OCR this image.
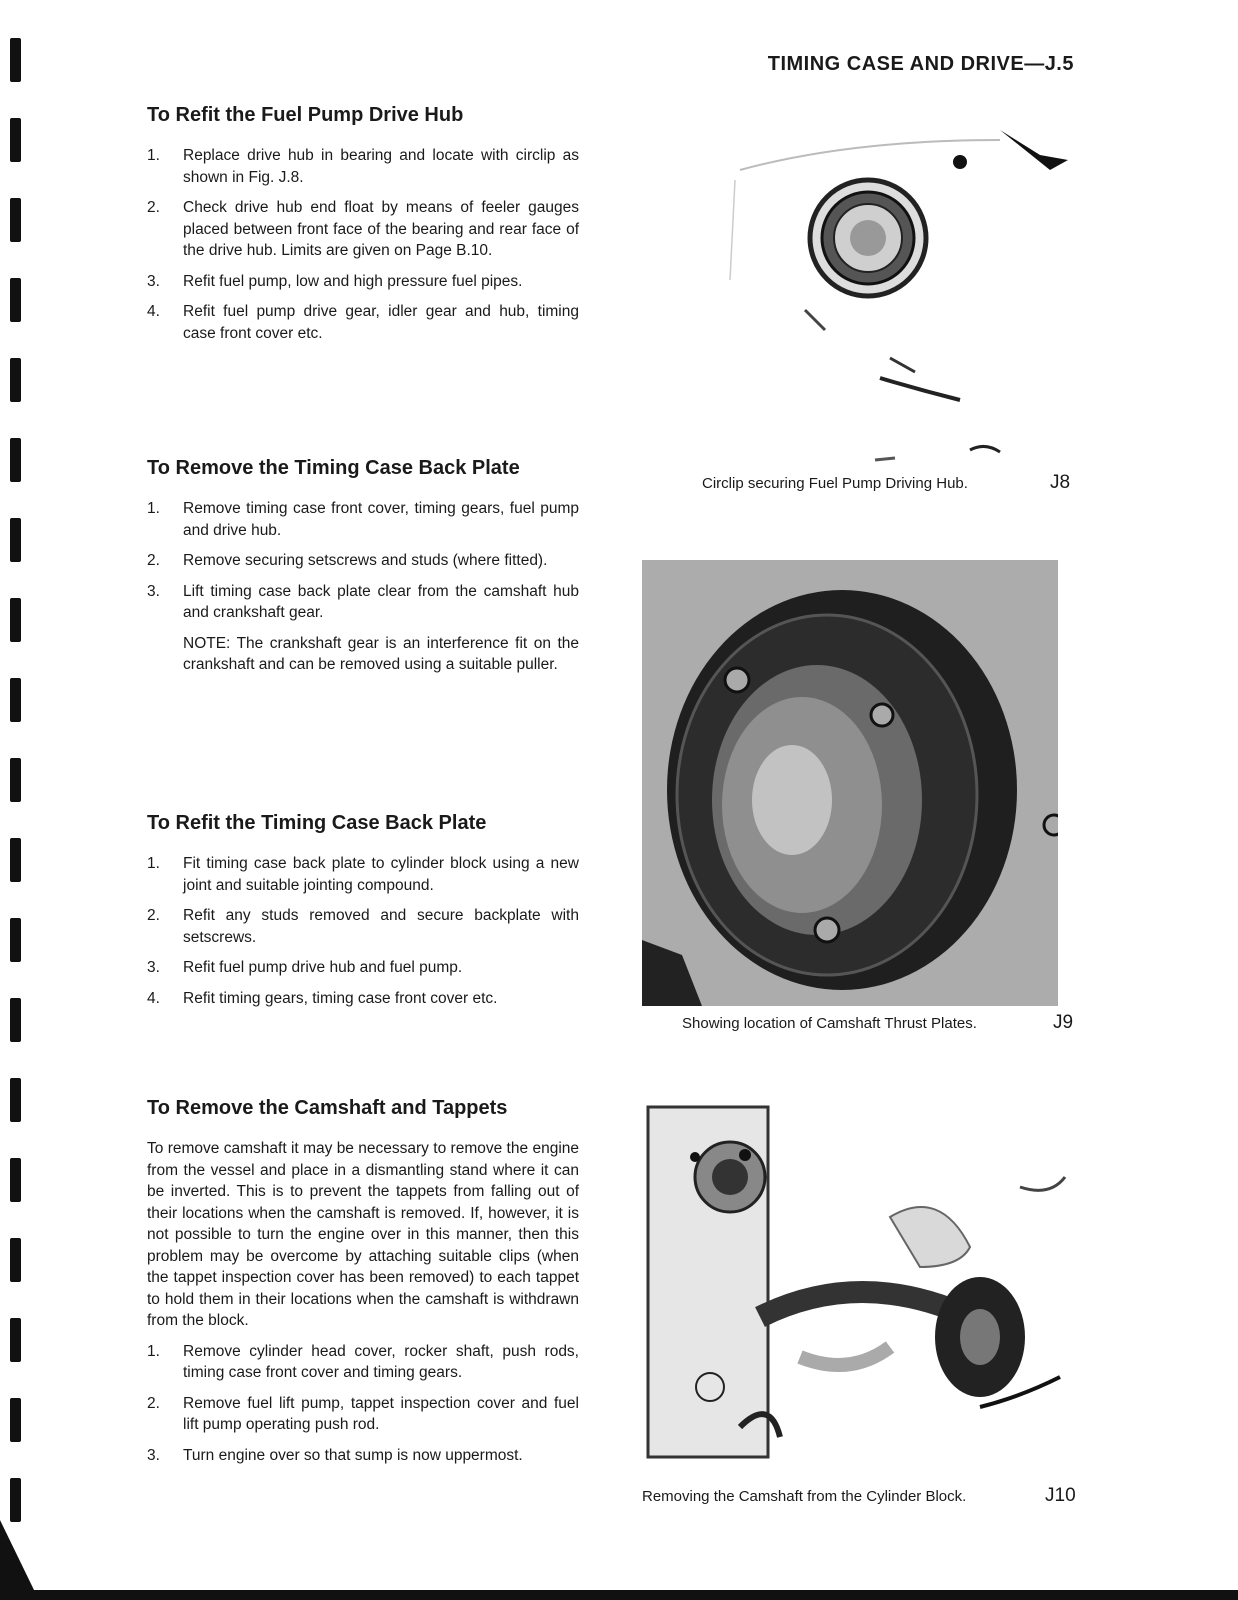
TIMING CASE AND DRIVE—J.5
To Refit the Fuel Pump Drive Hub
1. Replace drive hub in bearing and locate with circlip as shown in Fig. J.8.
2. Check drive hub end float by means of feeler gauges placed between front face of the bearing and rear face of the drive hub. Limits are given on Page B.10.
3. Refit fuel pump, low and high pressure fuel pipes.
4. Refit fuel pump drive gear, idler gear and hub, timing case front cover etc.
To Remove the Timing Case Back Plate
1. Remove timing case front cover, timing gears, fuel pump and drive hub.
2. Remove securing setscrews and studs (where fitted).
3. Lift timing case back plate clear from the camshaft hub and crankshaft gear.

NOTE: The crankshaft gear is an interference fit on the crankshaft and can be removed using a suitable puller.

To Refit the Timing Case Back Plate
1. Fit timing case back plate to cylinder block using a new joint and suitable jointing compound.
2. Refit any studs removed and secure backplate with setscrews.
3. Refit fuel pump drive hub and fuel pump.
4. Refit timing gears, timing case front cover etc.
To Remove the Camshaft and Tappets

To remove camshaft it may be necessary to remove the engine from the vessel and place in a dismantling stand where it can be inverted. This is to prevent the tappets from falling out of their locations when the camshaft is removed. If, however, it is not possible to turn the engine over in this manner, then this problem may be overcome by attaching suitable clips (when the tappet inspection cover has been removed) to each tappet to hold them in their locations when the camshaft is withdrawn from the block.

1. Remove cylinder head cover, rocker shaft, push rods, timing case front cover and timing gears.
2. Remove fuel lift pump, tappet inspection cover and fuel lift pump operating push rod.
3. Turn engine over so that sump is now uppermost.
Circlip securing Fuel Pump Driving Hub.	J8
Showing location of Camshaft Thrust Plates.	J9
Removing the Camshaft from the Cylinder Block.	J10
